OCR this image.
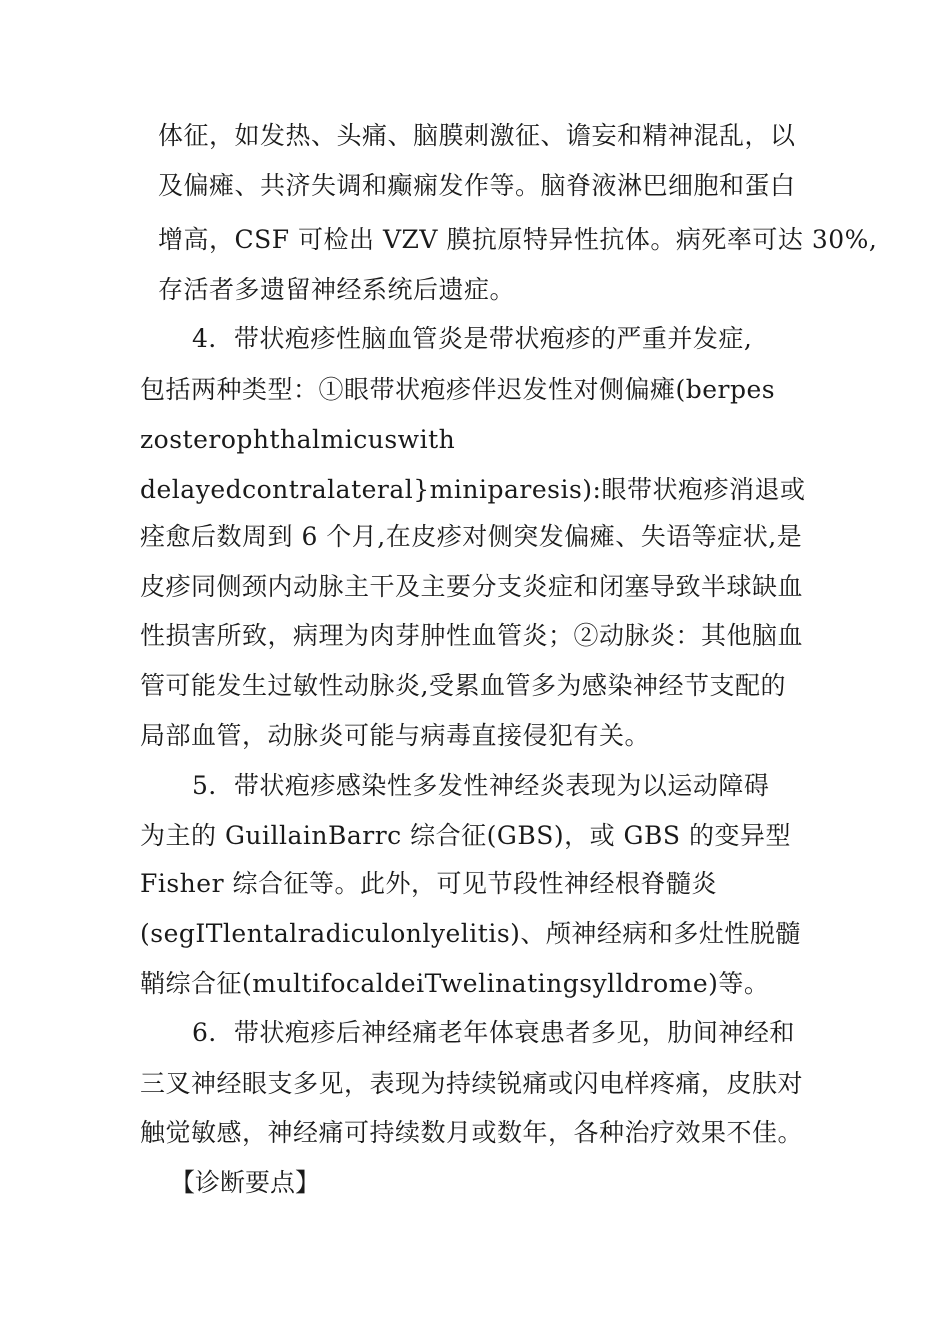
体征，如发热、头痛、脑膜刺激征、谵妄和精神混乱，以
及偏瘫、共济失调和癫痫发作等。脑脊液淋巴细胞和蛋白
增高，CSF 可检出 VZV 膜抗原特异性抗体。病死率可达 30%,
存活者多遗留神经系统后遗症。
4．带状疱疹性脑血管炎是带状疱疹的严重并发症,
包括两种类型：①眼带状疱疹伴迟发性对侧偏瘫(berpes
zosterophthalmicuswith
delayedcontralateral}miniparesis):眼带状疱疹消退或
痊愈后数周到 6 个月,在皮疹对侧突发偏瘫、失语等症状,是
皮疹同侧颈内动脉主干及主要分支炎症和闭塞导致半球缺血
性损害所致，病理为肉芽肿性血管炎；②动脉炎：其他脑血
管可能发生过敏性动脉炎,受累血管多为感染神经节支配的
局部血管，动脉炎可能与病毒直接侵犯有关。
5．带状疱疹感染性多发性神经炎表现为以运动障碍
为主的 GuillainBarrc 综合征(GBS)，或 GBS 的变异型
Fisher 综合征等。此外，可见节段性神经根脊髓炎
(segITlentalradiculonlyelitis)、颅神经病和多灶性脱髓
鞘综合征(multifocaldeiTwelinatingsylldrome)等。
6．带状疱疹后神经痛老年体衰患者多见，肋间神经和
三叉神经眼支多见，表现为持续锐痛或闪电样疼痛，皮肤对
触觉敏感，神经痛可持续数月或数年，各种治疗效果不佳。
【诊断要点】
